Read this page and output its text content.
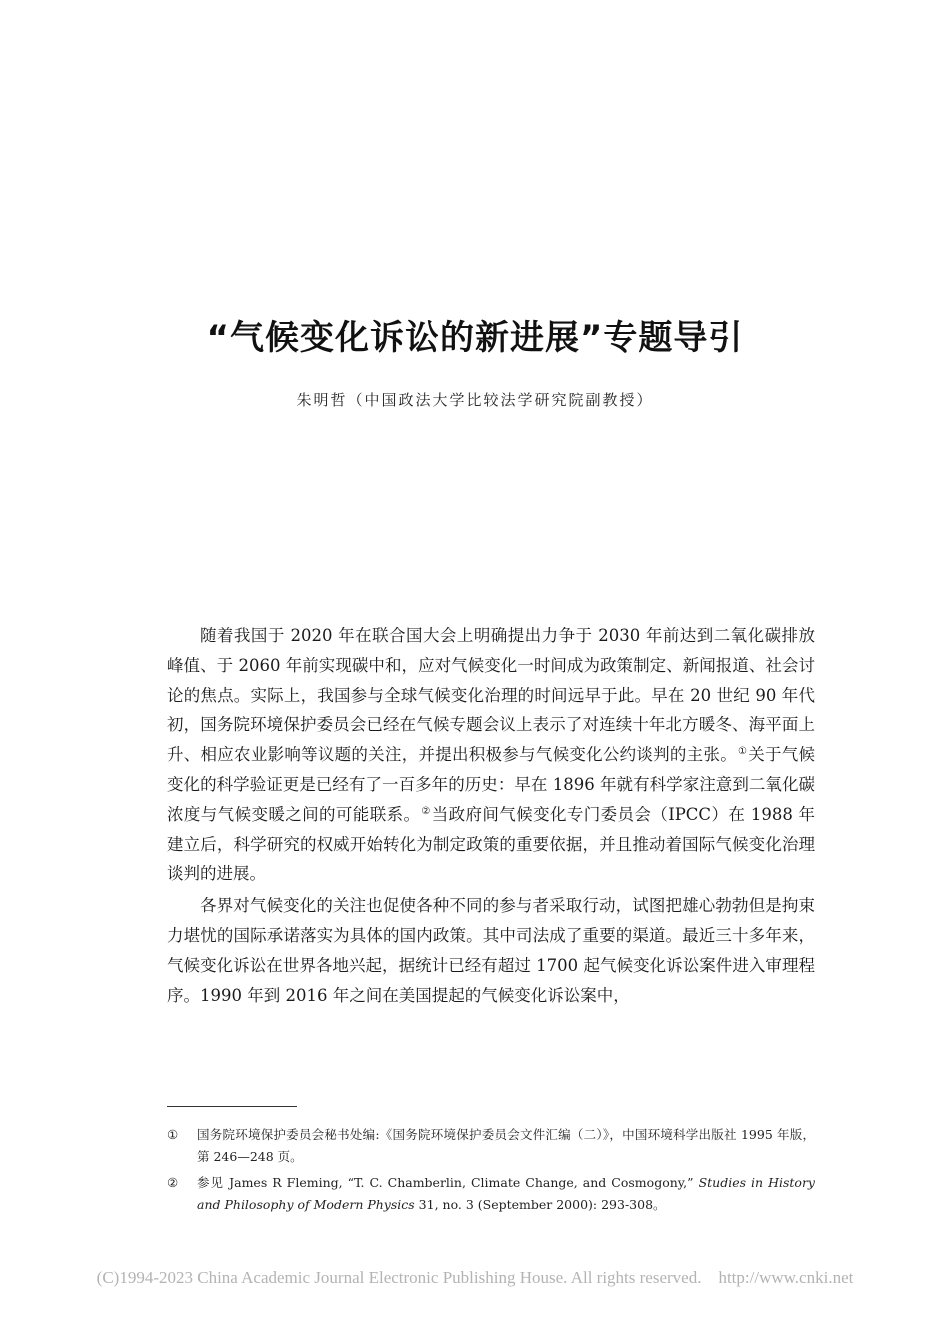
“气候变化诉讼的新进展”专题导引
朱明哲（中国政法大学比较法学研究院副教授）

随着我国于 2020 年在联合国大会上明确提出力争于 2030 年前达到二氧化碳排放峰值、于 2060 年前实现碳中和，应对气候变化一时间成为政策制定、新闻报道、社会讨论的焦点。实际上，我国参与全球气候变化治理的时间远早于此。早在 20 世纪 90 年代初，国务院环境保护委员会已经在气候专题会议上表示了对连续十年北方暖冬、海平面上升、相应农业影响等议题的关注，并提出积极参与气候变化公约谈判的主张。①关于气候变化的科学验证更是已经有了一百多年的历史：早在 1896 年就有科学家注意到二氧化碳浓度与气候变暖之间的可能联系。②当政府间气候变化专门委员会（IPCC）在 1988 年建立后，科学研究的权威开始转化为制定政策的重要依据，并且推动着国际气候变化治理谈判的进展。

各界对气候变化的关注也促使各种不同的参与者采取行动，试图把雄心勃勃但是拘束力堪忧的国际承诺落实为具体的国内政策。其中司法成了重要的渠道。最近三十多年来，气候变化诉讼在世界各地兴起，据统计已经有超过 1700 起气候变化诉讼案件进入审理程序。1990 年到 2016 年之间在美国提起的气候变化诉讼案中，

①	国务院环境保护委员会秘书处编:《国务院环境保护委员会文件汇编（二）》，中国环境科学出版社 1995 年版，第 246—248 页。
②	参见 James R Fleming, “T. C. Chamberlin, Climate Change, and Cosmogony,” Studies in History and Philosophy of Modern Physics 31, no. 3 (September 2000): 293-308。
(C)1994-2023 China Academic Journal Electronic Publishing House. All rights reserved.    http://www.cnki.net
